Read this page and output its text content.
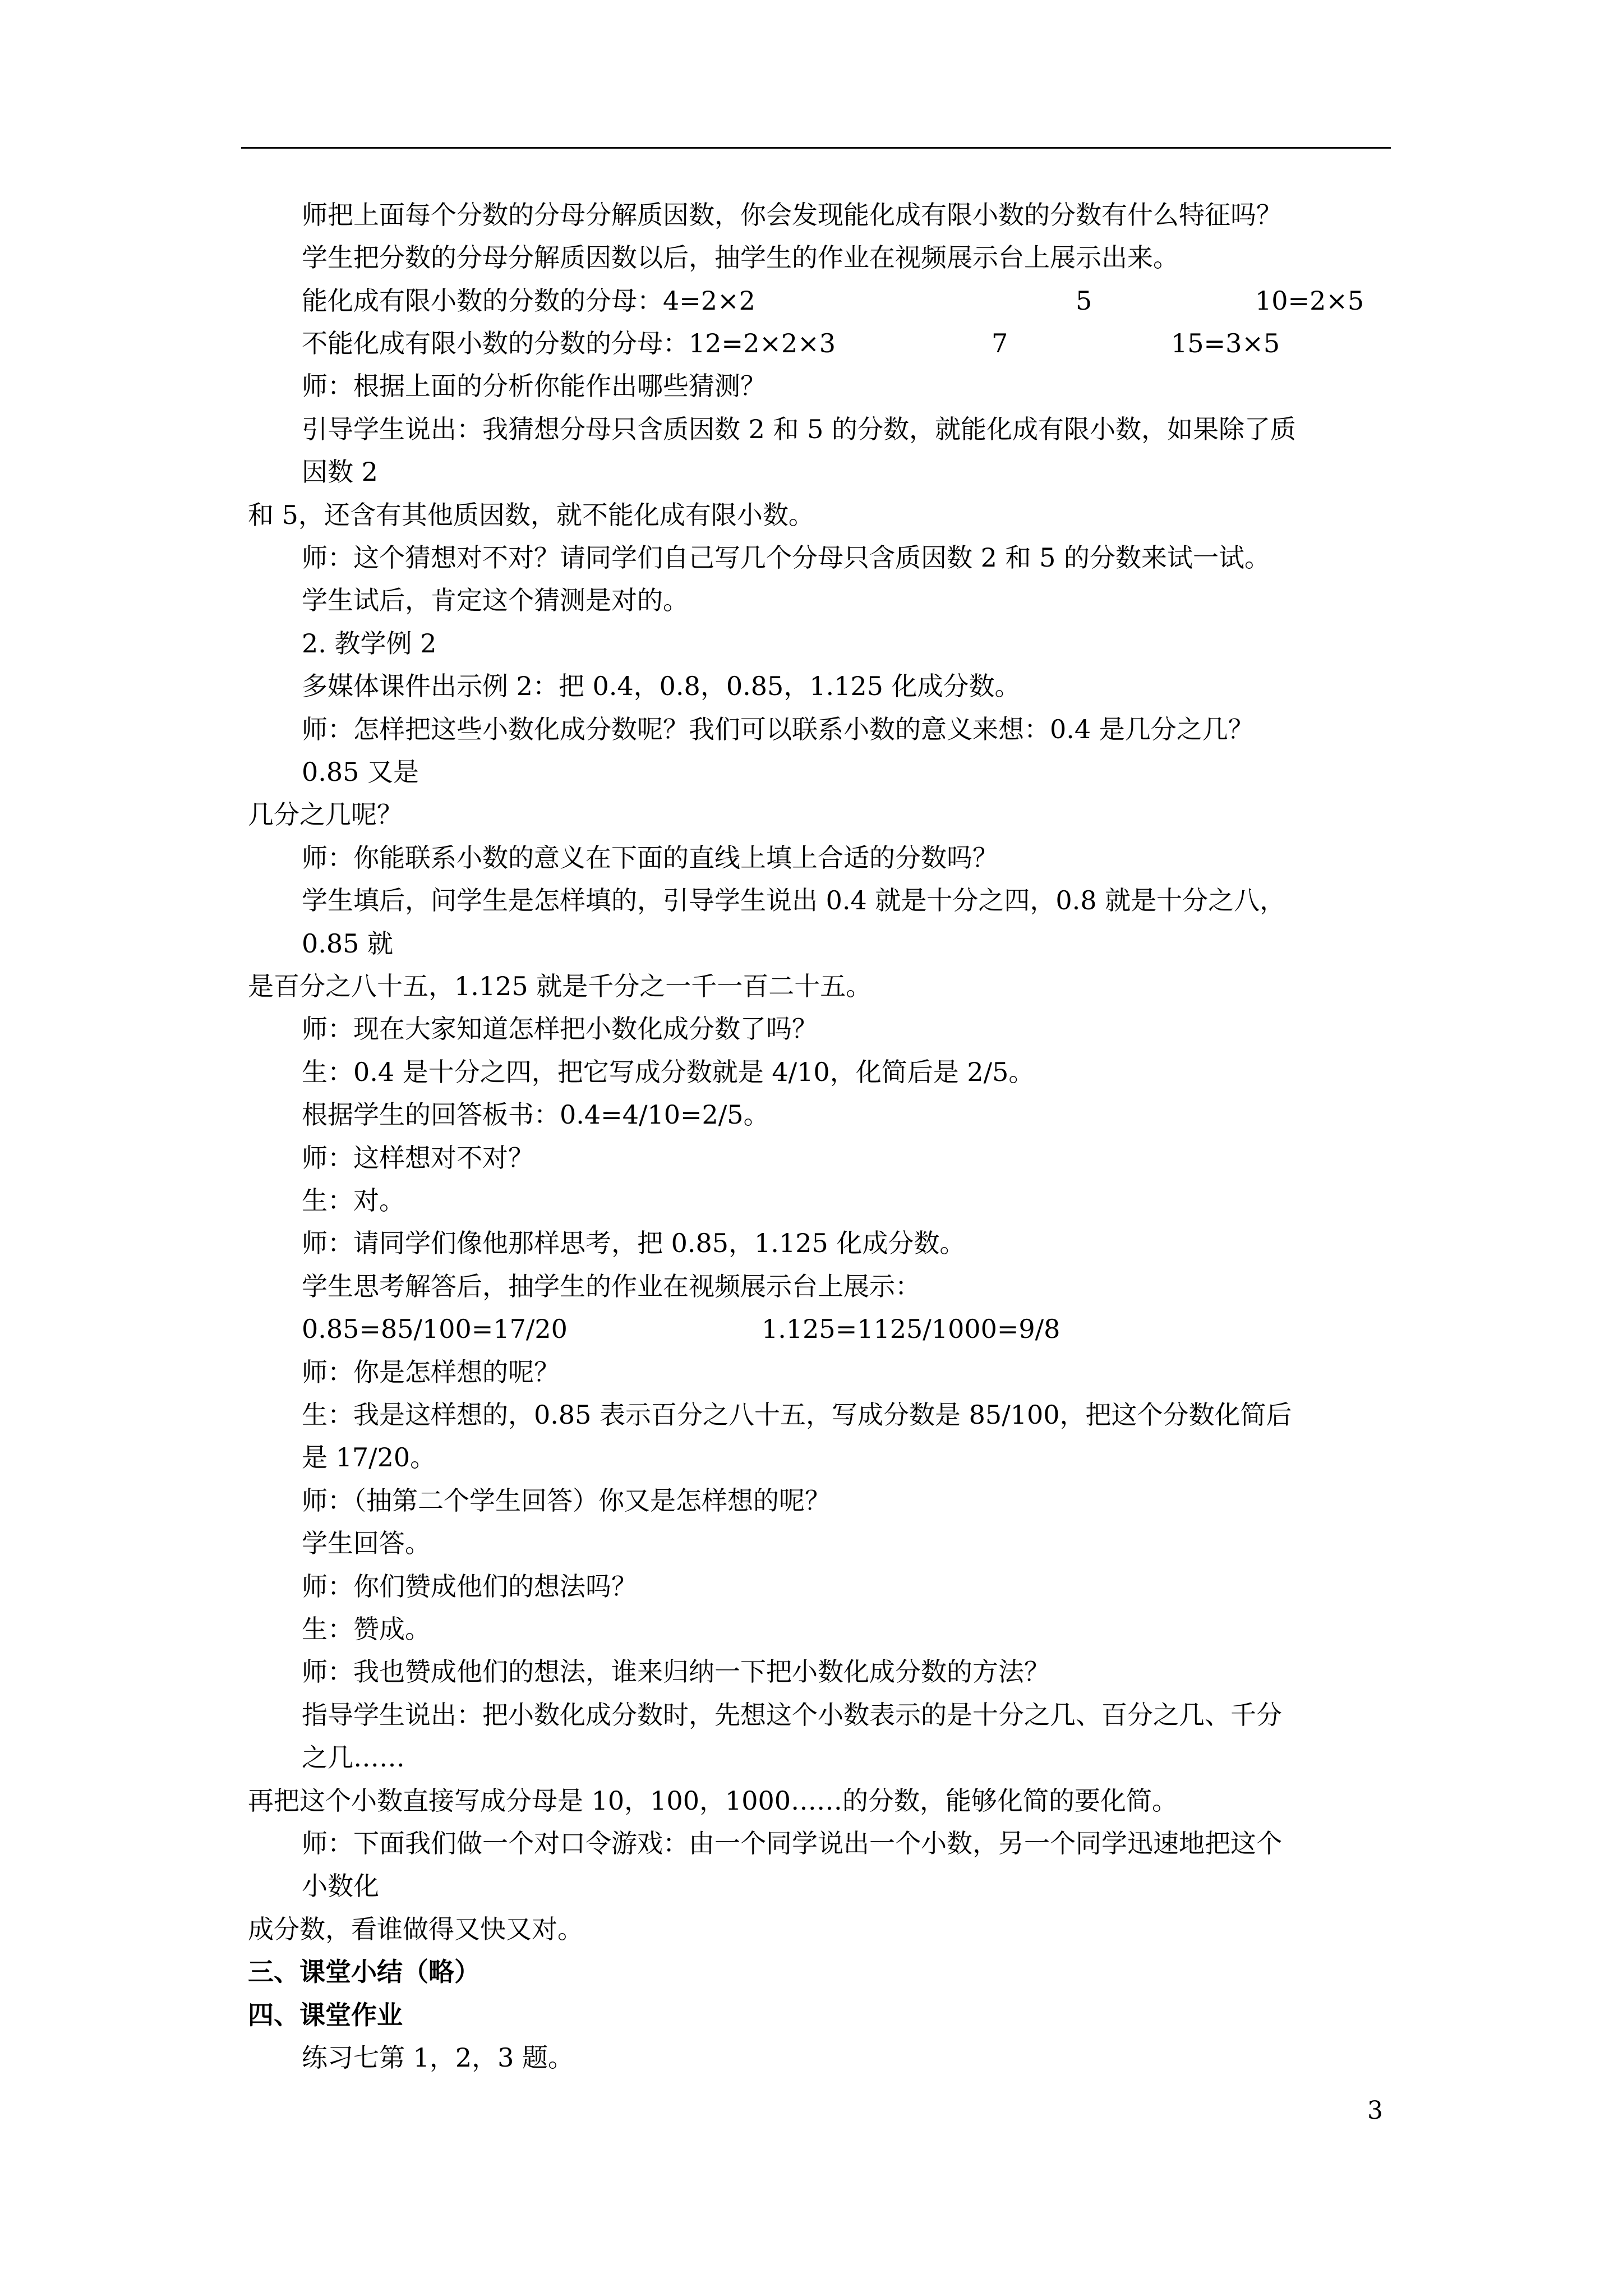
师把上面每个分数的分母分解质因数，你会发现能化成有限小数的分数有什么特征吗？
学生把分数的分母分解质因数以后，抽学生的作业在视频展示台上展示出来。
能化成有限小数的分数的分母：4=2×2	5	10=2×5
不能化成有限小数的分数的分母：12=2×2×3	7	15=3×5
师：根据上面的分析你能作出哪些猜测？
引导学生说出：我猜想分母只含质因数 2 和 5 的分数，就能化成有限小数，如果除了质
因数 2
和 5，还含有其他质因数，就不能化成有限小数。
师：这个猜想对不对？请同学们自己写几个分母只含质因数 2 和 5 的分数来试一试。
学生试后，肯定这个猜测是对的。
2. 教学例 2
多媒体课件出示例 2：把 0.4，0.8，0.85，1.125 化成分数。
师：怎样把这些小数化成分数呢？我们可以联系小数的意义来想：0.4 是几分之几？
0.85 又是
几分之几呢？
师：你能联系小数的意义在下面的直线上填上合适的分数吗？
学生填后，问学生是怎样填的，引导学生说出 0.4 就是十分之四，0.8 就是十分之八，
0.85 就
是百分之八十五，1.125 就是千分之一千一百二十五。
师：现在大家知道怎样把小数化成分数了吗？
生：0.4 是十分之四，把它写成分数就是 4/10，化简后是 2/5。
根据学生的回答板书：0.4=4/10=2/5。
师：这样想对不对？
生：对。
师：请同学们像他那样思考，把 0.85，1.125 化成分数。
学生思考解答后，抽学生的作业在视频展示台上展示：
0.85=85/100=17/20	1.125=1125/1000=9/8
师：你是怎样想的呢？
生：我是这样想的，0.85 表示百分之八十五，写成分数是 85/100，把这个分数化简后
是 17/20。
师：（抽第二个学生回答）你又是怎样想的呢？
学生回答。
师：你们赞成他们的想法吗？
生：赞成。
师：我也赞成他们的想法，谁来归纳一下把小数化成分数的方法？
指导学生说出：把小数化成分数时，先想这个小数表示的是十分之几、百分之几、千分
之几……
再把这个小数直接写成分母是 10，100，1000……的分数，能够化简的要化简。
师：下面我们做一个对口令游戏：由一个同学说出一个小数，另一个同学迅速地把这个
小数化
成分数，看谁做得又快又对。
三、课堂小结（略）
四、课堂作业
练习七第 1，2，3 题。
3
